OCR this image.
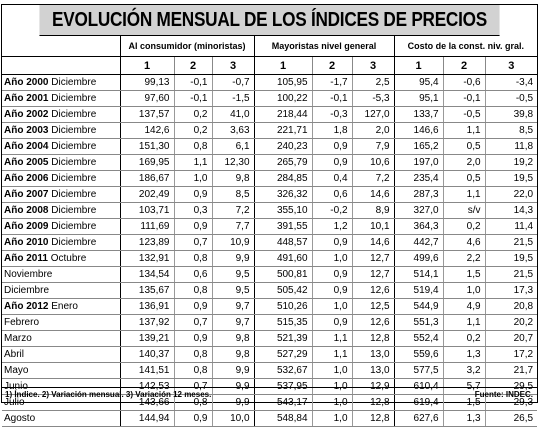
EVOLUCIÓN MENSUAL DE LOS ÍNDICES DE PRECIOS
	Al consumidor (minoristas)			Mayoristas nivel general			Costo de la const. niv. gral.		
	1	2	3	1	2	3	1	2	3
Año 2000 Diciembre	99,13	-0,1	-0,7	105,95	-1,7	2,5	95,4	-0,6	-3,4
Año 2001 Diciembre	97,60	-0,1	-1,5	100,22	-0,1	-5,3	95,1	-0,1	-0,5
Año 2002 Diciembre	137,57	0,2	41,0	218,44	-0,3	127,0	133,7	-0,5	39,8
Año 2003 Diciembre	142,6	0,2	3,63	221,71	1,8	2,0	146,6	1,1	8,5
Año 2004 Diciembre	151,30	0,8	6,1	240,23	0,9	7,9	165,2	0,5	11,8
Año 2005 Diciembre	169,95	1,1	12,30	265,79	0,9	10,6	197,0	2,0	19,2
Año 2006 Diciembre	186,67	1,0	9,8	284,85	0,4	7,2	235,4	0,5	19,5
Año 2007 Diciembre	202,49	0,9	8,5	326,32	0,6	14,6	287,3	1,1	22,0
Año 2008 Diciembre	103,71	0,3	7,2	355,10	-0,2	8,9	327,0	s/v	14,3
Año 2009 Diciembre	111,69	0,9	7,7	391,55	1,2	10,1	364,3	0,2	11,4
Año 2010 Diciembre	123,89	0,7	10,9	448,57	0,9	14,6	442,7	4,6	21,5
Año 2011 Octubre	132,91	0,8	9,9	491,60	1,0	12,7	499,6	2,2	19,5
Noviembre	134,54	0,6	9,5	500,81	0,9	12,7	514,1	1,5	21,5
Diciembre	135,67	0,8	9,5	505,42	0,9	12,6	519,4	1,0	17,3
Año 2012 Enero	136,91	0,9	9,7	510,26	1,0	12,5	544,9	4,9	20,8
Febrero	137,92	0,7	9,7	515,35	0,9	12,6	551,3	1,1	20,2
Marzo	139,21	0,9	9,8	521,39	1,1	12,8	552,4	0,2	20,7
Abril	140,37	0,8	9,8	527,29	1,1	13,0	559,6	1,3	17,2
Mayo	141,51	0,8	9,9	532,67	1,0	13,0	577,5	3,2	21,7
Junio	142,53	0,7	9,9	537,95	1,0	12,9	610,4	5,7	29,5
Julio	143,66	0,8	9,9	543,17	1,0	12,8	619,4	1,5	29,3
Agosto	144,94	0,9	10,0	548,84	1,0	12,8	627,6	1,3	26,5
1) Índice. 2) Variación mensual. 3) Variación 12 meses.	Fuente: INDEC.
